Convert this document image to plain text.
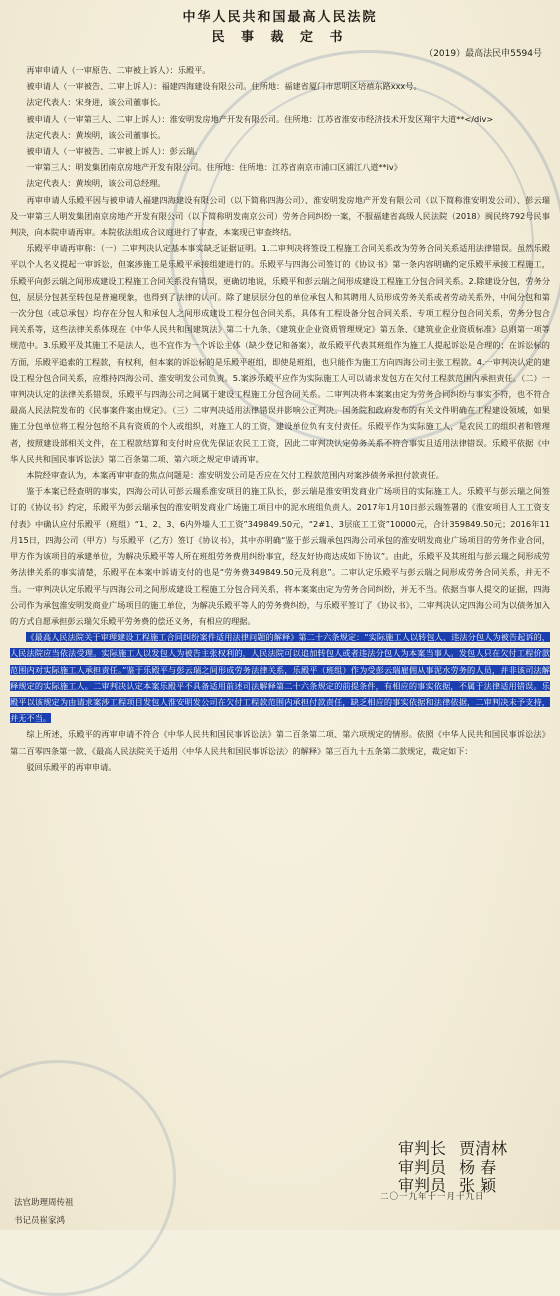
中华人民共和国最高人民法院
民 事 裁 定 书
（2019）最高法民申5594号

再审申请人（一审原告、二审被上诉人）：乐殿平。

被申请人（一审被告、二审上诉人）：福建四海建设有限公司。住所地：福建省厦门市思明区培禧东路xxx号。

法定代表人：宋身进，该公司董事长。

被申请人（一审第三人、二审上诉人）：淮安明发房地产开发有限公司。住所地：江苏省淮安市经济技术开发区翔宇大道**</div>

法定代表人：黄埃明，该公司董事长。

被申请人（一审被告、二审被上诉人）：彭云瑞。

一审第三人：明发集团南京房地产开发有限公司。住所地：住所地：江苏省南京市浦口区浦江八道**iv》

法定代表人：黄埃明，该公司总经理。

再审申请人乐殿平因与被申请人福建四海建设有限公司（以下简称四海公司）、淮安明发房地产开发有限公司（以下简称淮安明发公司）、彭云瑞及一审第三人明发集团南京房地产开发有限公司（以下简称明发南京公司）劳务合同纠纷一案，不服福建省高级人民法院（2018）闽民终792号民事判决，向本院申请再审。本院依法组成合议庭进行了审查，本案现已审查终结。

乐殿平申请再审称：（一）二审判决认定基本事实缺乏证据证明。1.二审判决将签设工程施工合同关系改为劳务合同关系适用法律错误。虽然乐殿平以个人名义提起一审诉讼，但案涉施工是乐殿平承接组建进行的。乐殿平与四海公司签订的《协议书》第一条内容明确约定乐殿平承接工程施工，乐殿平向彭云瑞之间形成建设工程施工合同关系没有错误，更确切地说，乐殿平和彭云瑞之间形成建设工程施工分包合同关系。2.除建设分包，劳务分包，层层分包甚至转包是普遍现象，也得到了法律的认可。除了建层层分包的单位承包人和其聘用人员形成劳务关系或者劳动关系外，中间分包和第一次分包（或总承包）均存在分包人和承包人之间形成建设工程分包合同关系，具体有工程设备分包合同关系、专项工程分包合同关系，劳务分包合同关系等，这些法律关系体现在《中华人民共和国建筑法》第二十九条、《建筑业企业资质管理规定》第五条、《建筑业企业资质标准》总则第一项等规范中。3.乐殿平及其施工不是法人，也不宜作为一个诉讼主体（缺少登记和备案），故乐殿平代表其班组作为施工人提起诉讼是合理的；在诉讼标的方面，乐殿平追索的工程款，有权利，但本案的诉讼标的是乐殿平班组，即使是班组，也只能作为施工方向四海公司主张工程款。4.一审判决认定的建设工程分包合同关系，应维持四海公司、淮安明发公司负责。5.案涉乐殿平应作为实际施工人可以请求发包方在欠付工程款范围内承担责任。（二）一审判决认定的法律关系错误，乐殿平与四海公司之间属于建设工程施工分包合同关系。二审判决将本案案由定为劳务合同纠纷与事实不符，也不符合最高人民法院发布的《民事案件案由规定》。（三）二审判决适用法律错误并影响公正判决。国务院和政府发布的有关文件明确在工程建设领域，如果施工分包单位将工程分包给不具有资质的个人或组织，对施工人的工资，建设单位负有支付责任。乐殿平作为实际施工人，是农民工的组织者和管理者，按照建设部相关文件，在工程款结算和支付时应优先保证农民工工资，因此二审判决认定劳务关系不符合事实且适用法律错误。乐殿平依据《中华人民共和国民事诉讼法》第二百条第二项、第六项之规定申请再审。

本院经审查认为，本案再审审查的焦点问题是：淮安明发公司是否应在欠付工程款范围内对案涉债务承担付款责任。

鉴于本案已经查明的事实，四海公司认可彭云瑞系淮安项目的施工队长，彭云瑞是淮安明发商业广场项目的实际施工人。乐殿平与彭云瑞之间签订的《协议书》约定，乐殿平为彭云瑞承包的淮安明发商业广场施工项目中的泥水班组负责人。2017年1月10日彭云瑞签署的《淮安项目人工工资支付表》中确认应付乐殿平（班组）“1、2、3、6内外墙人工工资”349849.50元，“2#1、3层底工工资”10000元，合计359849.50元；2016年11月15日，四海公司（甲方）与乐殿平（乙方）签订《协议书》，其中亦明确“鉴于彭云瑞承包四海公司承包的淮安明发商业广场项目的劳务作业合同，甲方作为该项目的承建单位，为解决乐殿平等人所在班组劳务费用纠纷事宜，经友好协商达成如下协议”。由此，乐殿平及其班组与彭云瑞之间形成劳务法律关系的事实清楚，乐殿平在本案中诉请支付的也是“劳务费349849.50元及利息”。二审认定乐殿平与彭云瑞之间形成劳务合同关系，并无不当。一审判决认定乐殿平与四海公司之间形成建设工程施工分包合同关系，将本案案由定为劳务合同纠纷，并无不当。依据当事人提交的证据，四海公司作为承包淮安明发商业广场项目的施工单位，为解决乐殿平等人的劳务费纠纷，与乐殿平签订了《协议书》，二审判决认定四海公司为以债务加入的方式自愿承担彭云瑞欠乐殿平劳务费的偿还义务，有相应的理据。

《最高人民法院关于审理建设工程施工合同纠纷案件适用法律问题的解释》第二十六条规定：“实际施工人以转包人、违法分包人为被告起诉的，人民法院应当依法受理。实际施工人以发包人为被告主张权利的，人民法院可以追加转包人或者违法分包人为本案当事人。发包人只在欠付工程价款范围内对实际施工人承担责任。”鉴于乐殿平与彭云瑞之间形成劳务法律关系，乐殿平（班组）作为受彭云瑞雇佣从事泥水劳务的人员，并非该司法解释规定的实际施工人。二审判决认定本案乐殿平不具备适用前述司法解释第二十六条规定的前提条件，有相应的事实依据，不属于法律适用错误。乐殿平以该规定为由请求案涉工程项目发包人淮安明发公司在欠付工程款范围内承担付款责任，缺乏相应的事实依据和法律依据，二审判决未予支持，并无不当。

综上所述，乐殿平的再审申请不符合《中华人民共和国民事诉讼法》第二百条第二项、第六项规定的情形。依照《中华人民共和国民事诉讼法》第二百零四条第一款、《最高人民法院关于适用〈中华人民共和国民事诉讼法〉的解释》第三百九十五条第二款规定，裁定如下：

驳回乐殿平的再审申请。

审判长 贾清林
审判员 杨 春
审判员 张 颖
二〇一九年十一月十九日
法官助理周传祖
书记员崔家鸿
